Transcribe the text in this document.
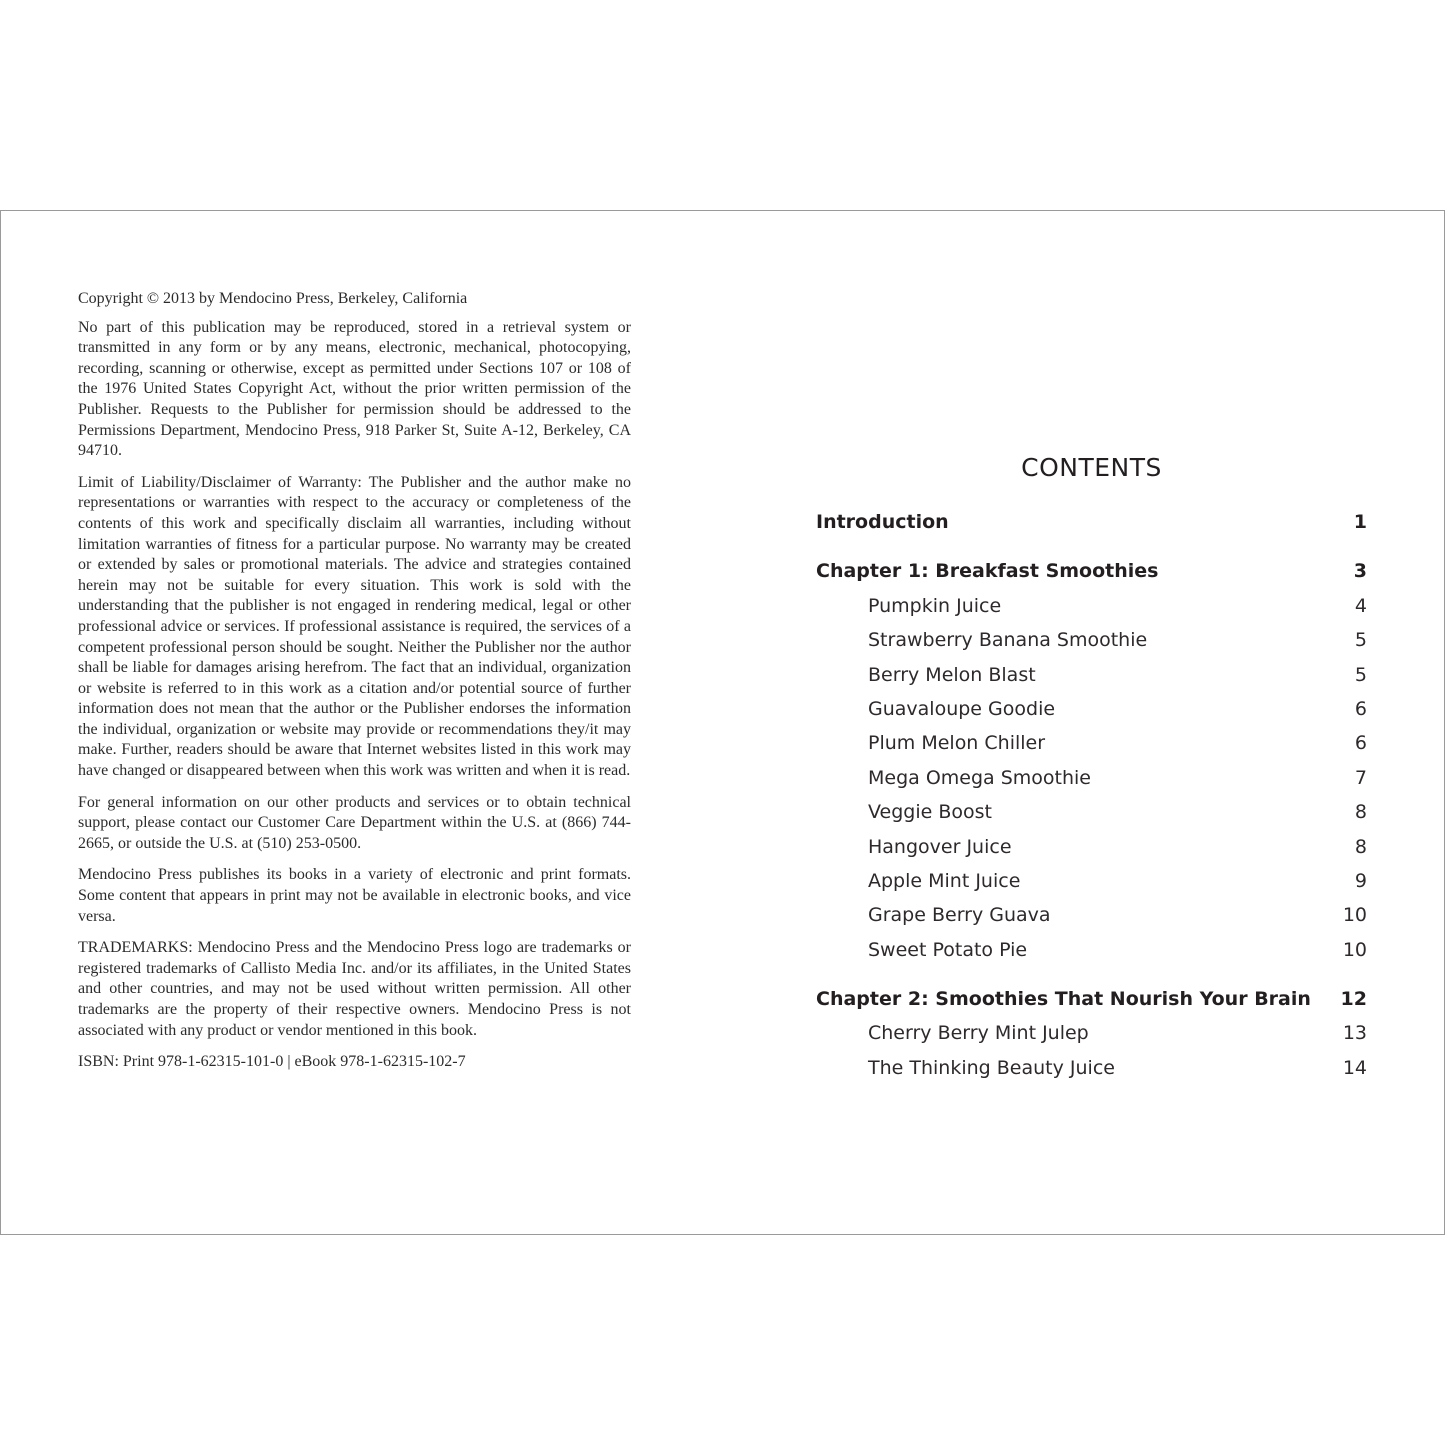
Copyright © 2013 by Mendocino Press, Berkeley, California

No part of this publication may be reproduced, stored in a retrieval system or transmitted in any form or by any means, electronic, mechanical, photocopying, recording, scanning or otherwise, except as permitted under Sections 107 or 108 of the 1976 United States Copyright Act, without the prior written permission of the Publisher. Requests to the Publisher for permission should be addressed to the Permissions Department, Mendocino Press, 918 Parker St, Suite A-12, Berkeley, CA 94710.

Limit of Liability/Disclaimer of Warranty: The Publisher and the author make no representations or warranties with respect to the accuracy or completeness of the contents of this work and specifically disclaim all warranties, including without limitation warranties of fitness for a particular purpose. No warranty may be created or extended by sales or promotional materials. The advice and strategies contained herein may not be suitable for every situation. This work is sold with the understanding that the publisher is not engaged in rendering medical, legal or other professional advice or services. If professional assistance is required, the services of a competent professional person should be sought. Neither the Publisher nor the author shall be liable for damages arising herefrom. The fact that an individual, organization or website is referred to in this work as a citation and/or potential source of further information does not mean that the author or the Publisher endorses the information the individual, organization or website may provide or recommendations they/it may make. Further, readers should be aware that Internet websites listed in this work may have changed or disappeared between when this work was written and when it is read.

For general information on our other products and services or to obtain technical support, please contact our Customer Care Department within the U.S. at (866) 744-2665, or outside the U.S. at (510) 253-0500.

Mendocino Press publishes its books in a variety of electronic and print formats. Some content that appears in print may not be available in electronic books, and vice versa.

TRADEMARKS: Mendocino Press and the Mendocino Press logo are trademarks or registered trademarks of Callisto Media Inc. and/or its affiliates, in the United States and other countries, and may not be used without written permission. All other trademarks are the property of their respective owners. Mendocino Press is not associated with any product or vendor mentioned in this book.

ISBN: Print 978-1-62315-101-0 | eBook 978-1-62315-102-7

CONTENTS
Introduction	1
Chapter 1: Breakfast Smoothies	3
Pumpkin Juice	4
Strawberry Banana Smoothie	5
Berry Melon Blast	5
Guavaloupe Goodie	6
Plum Melon Chiller	6
Mega Omega Smoothie	7
Veggie Boost	8
Hangover Juice	8
Apple Mint Juice	9
Grape Berry Guava	10
Sweet Potato Pie	10
Chapter 2: Smoothies That Nourish Your Brain 12
Cherry Berry Mint Julep	13
The Thinking Beauty Juice	14
